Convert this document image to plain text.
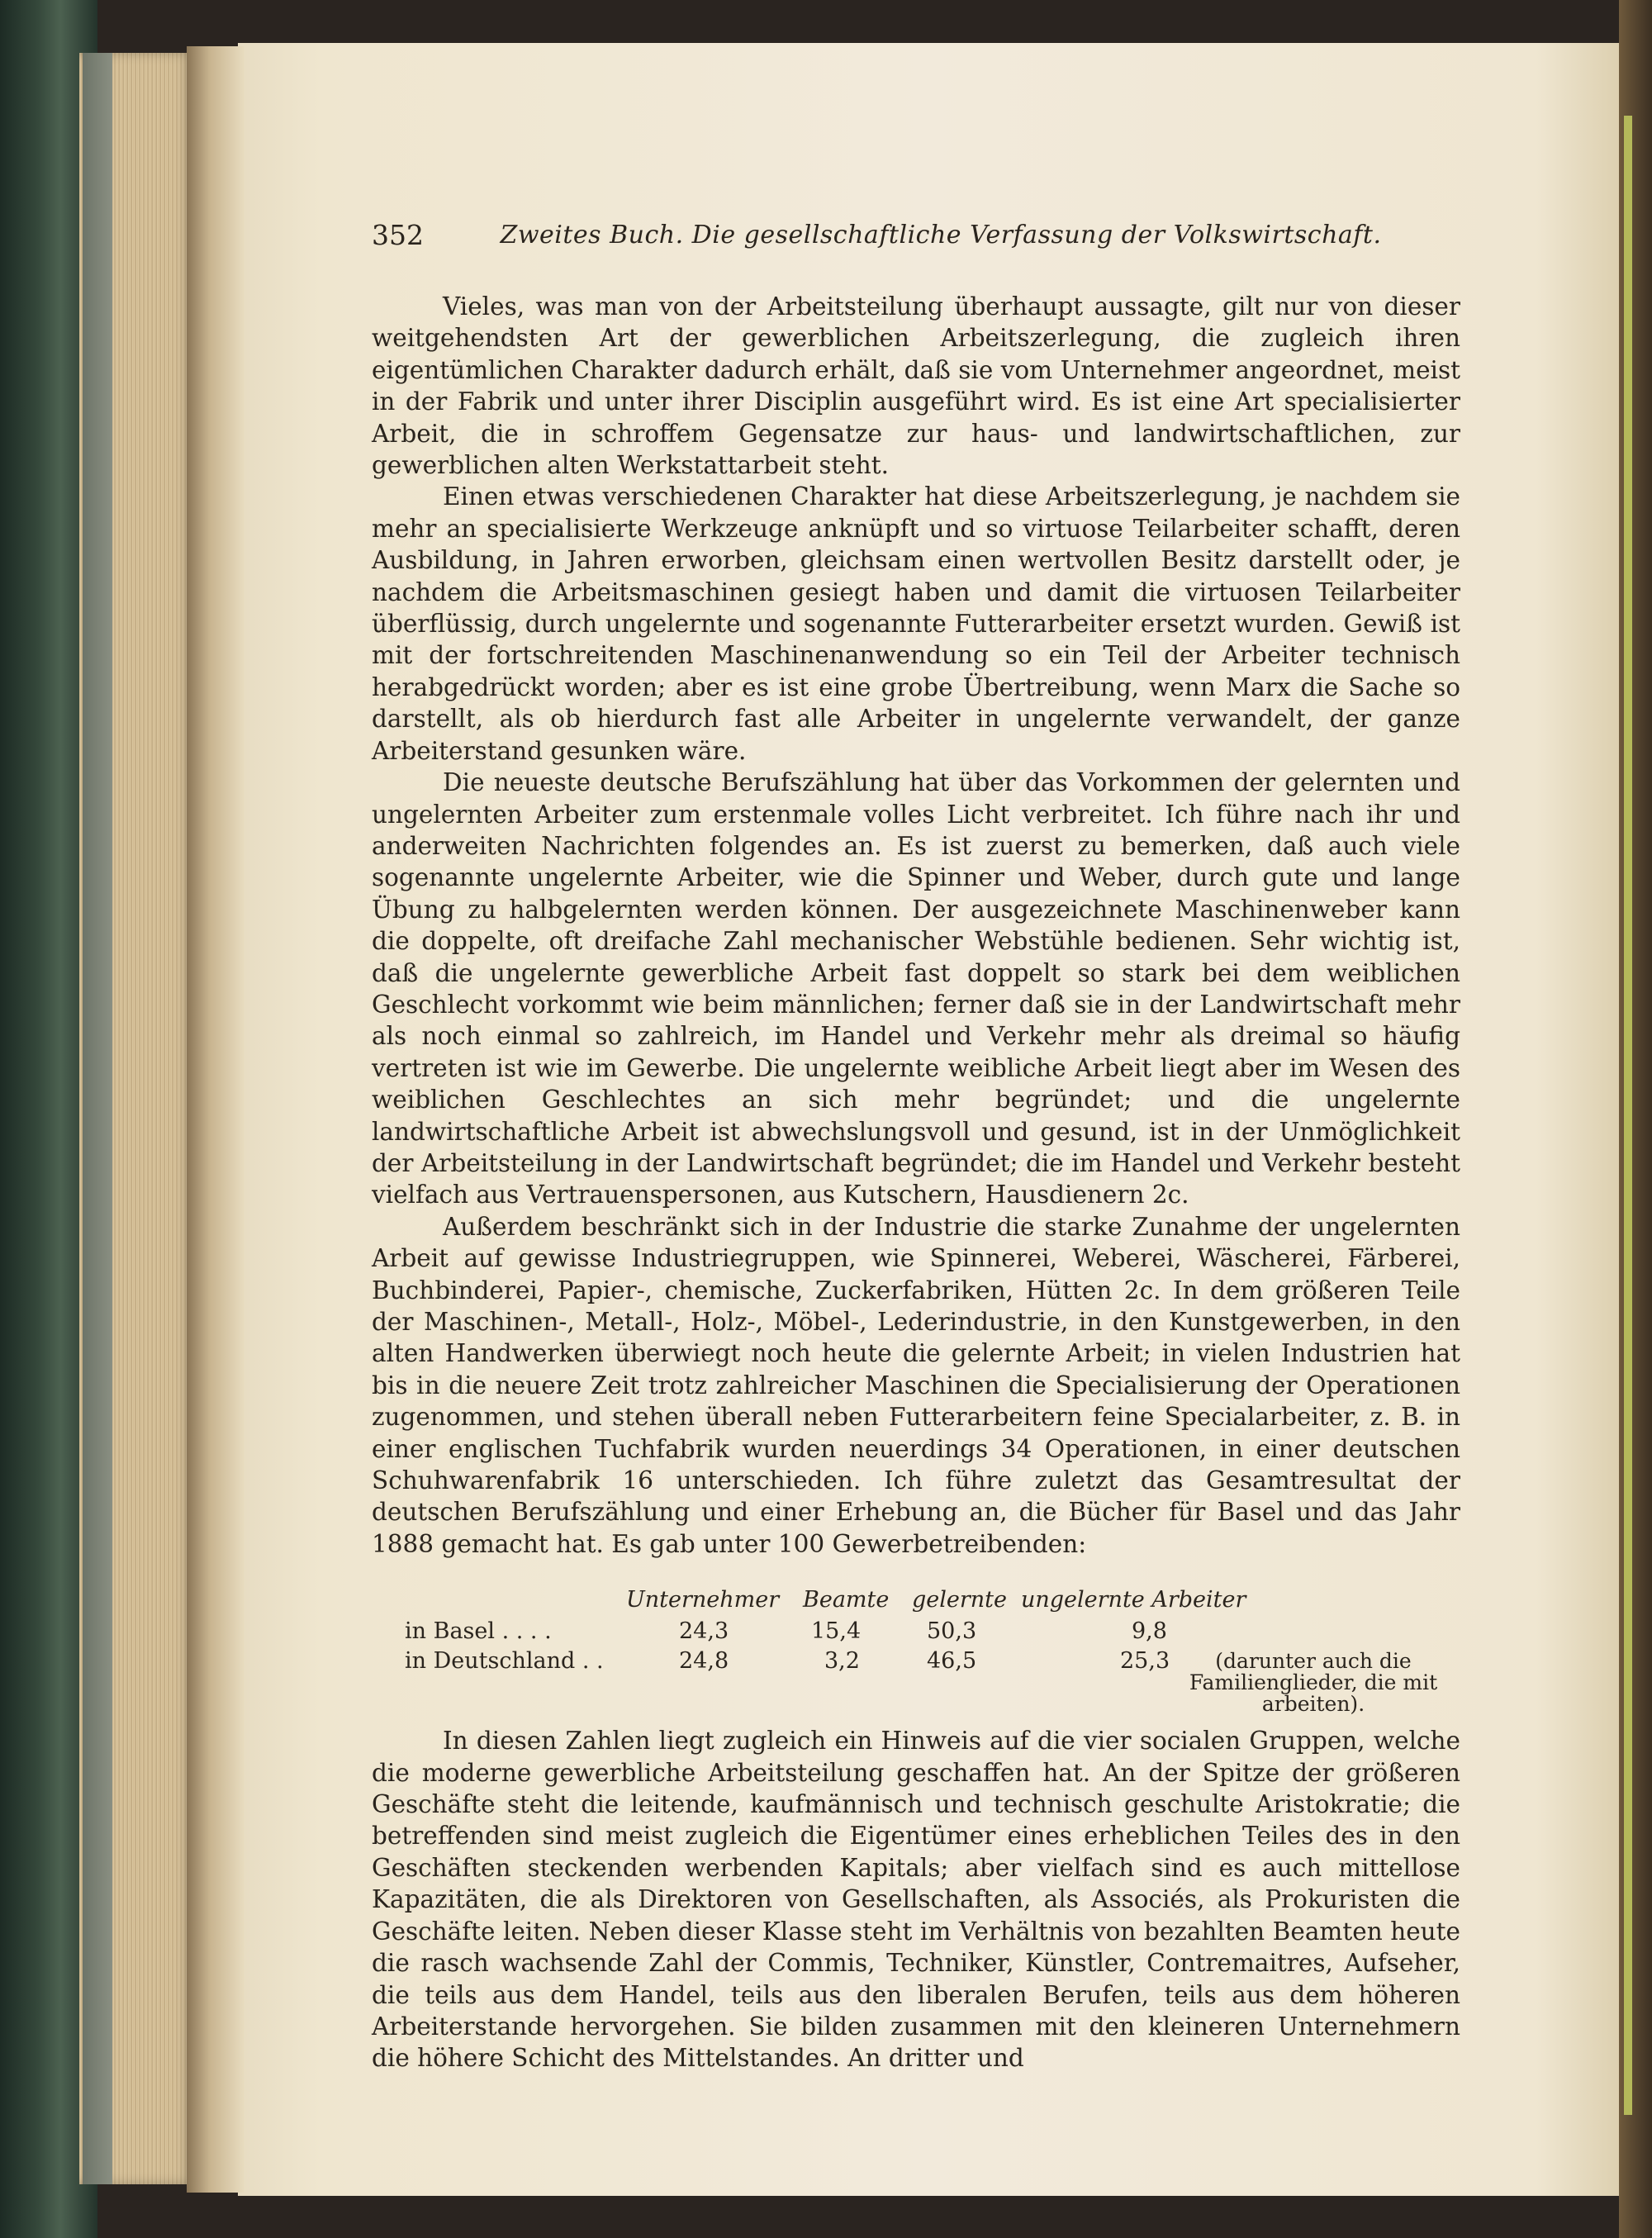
352	Zweites Buch. Die gesellschaftliche Verfassung der Volkswirtschaft.

Vieles, was man von der Arbeitsteilung überhaupt aussagte, gilt nur von dieser weitgehendsten Art der gewerblichen Arbeitszerlegung, die zugleich ihren eigentümlichen Charakter dadurch erhält, daß sie vom Unternehmer angeordnet, meist in der Fabrik und unter ihrer Disciplin ausgeführt wird. Es ist eine Art specialisierter Arbeit, die in schroffem Gegensatze zur haus- und landwirtschaftlichen, zur gewerblichen alten Werkstattarbeit steht.

Einen etwas verschiedenen Charakter hat diese Arbeitszerlegung, je nachdem sie mehr an specialisierte Werkzeuge anknüpft und so virtuose Teilarbeiter schafft, deren Ausbildung, in Jahren erworben, gleichsam einen wertvollen Besitz darstellt oder, je nachdem die Arbeitsmaschinen gesiegt haben und damit die virtuosen Teilarbeiter überflüssig, durch ungelernte und sogenannte Futterarbeiter ersetzt wurden. Gewiß ist mit der fortschreitenden Maschinenanwendung so ein Teil der Arbeiter technisch herabgedrückt worden; aber es ist eine grobe Übertreibung, wenn Marx die Sache so darstellt, als ob hierdurch fast alle Arbeiter in ungelernte verwandelt, der ganze Arbeiterstand gesunken wäre.

Die neueste deutsche Berufszählung hat über das Vorkommen der gelernten und ungelernten Arbeiter zum erstenmale volles Licht verbreitet. Ich führe nach ihr und anderweiten Nachrichten folgendes an. Es ist zuerst zu bemerken, daß auch viele sogenannte ungelernte Arbeiter, wie die Spinner und Weber, durch gute und lange Übung zu halbgelernten werden können. Der ausgezeichnete Maschinenweber kann die doppelte, oft dreifache Zahl mechanischer Webstühle bedienen. Sehr wichtig ist, daß die ungelernte gewerbliche Arbeit fast doppelt so stark bei dem weiblichen Geschlecht vorkommt wie beim männlichen; ferner daß sie in der Landwirtschaft mehr als noch einmal so zahlreich, im Handel und Verkehr mehr als dreimal so häufig vertreten ist wie im Gewerbe. Die ungelernte weibliche Arbeit liegt aber im Wesen des weiblichen Geschlechtes an sich mehr begründet; und die ungelernte landwirtschaftliche Arbeit ist abwechslungsvoll und gesund, ist in der Unmöglichkeit der Arbeitsteilung in der Landwirtschaft begründet; die im Handel und Verkehr besteht vielfach aus Vertrauenspersonen, aus Kutschern, Hausdienern 2c.

Außerdem beschränkt sich in der Industrie die starke Zunahme der ungelernten Arbeit auf gewisse Industriegruppen, wie Spinnerei, Weberei, Wäscherei, Färberei, Buchbinderei, Papier-, chemische, Zuckerfabriken, Hütten 2c. In dem größeren Teile der Maschinen-, Metall-, Holz-, Möbel-, Lederindustrie, in den Kunstgewerben, in den alten Handwerken überwiegt noch heute die gelernte Arbeit; in vielen Industrien hat bis in die neuere Zeit trotz zahlreicher Maschinen die Specialisierung der Operationen zugenommen, und stehen überall neben Futterarbeitern feine Specialarbeiter, z. B. in einer englischen Tuchfabrik wurden neuerdings 34 Operationen, in einer deutschen Schuhwarenfabrik 16 unterschieden. Ich führe zuletzt das Gesamtresultat der deutschen Berufszählung und einer Erhebung an, die Bücher für Basel und das Jahr 1888 gemacht hat. Es gab unter 100 Gewerbetreibenden:

Unternehmer Beamte gelernte ungelernte Arbeiter
in Basel . . . .	24,3	15,4	50,3	9,8
in Deutschland . .	24,8	3,2	46,5	25,3	(darunter auch die Familienglieder, die mit arbeiten).

In diesen Zahlen liegt zugleich ein Hinweis auf die vier socialen Gruppen, welche die moderne gewerbliche Arbeitsteilung geschaffen hat. An der Spitze der größeren Geschäfte steht die leitende, kaufmännisch und technisch geschulte Aristokratie; die betreffenden sind meist zugleich die Eigentümer eines erheblichen Teiles des in den Geschäften steckenden werbenden Kapitals; aber vielfach sind es auch mittellose Kapazitäten, die als Direktoren von Gesellschaften, als Associés, als Prokuristen die Geschäfte leiten. Neben dieser Klasse steht im Verhältnis von bezahlten Beamten heute die rasch wachsende Zahl der Commis, Techniker, Künstler, Contremaitres, Aufseher, die teils aus dem Handel, teils aus den liberalen Berufen, teils aus dem höheren Arbeiterstande hervorgehen. Sie bilden zusammen mit den kleineren Unternehmern die höhere Schicht des Mittelstandes. An dritter und
